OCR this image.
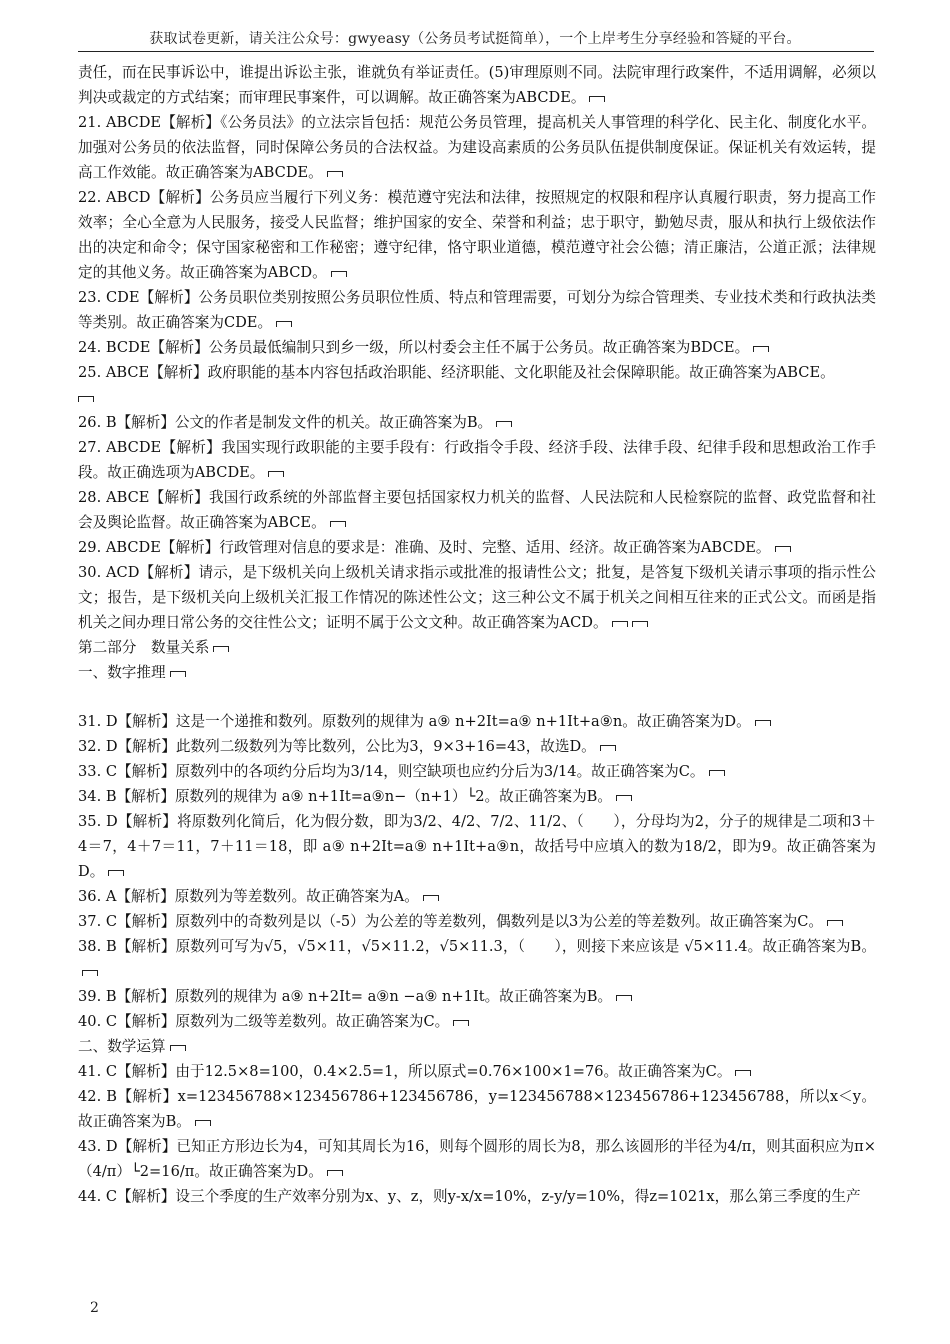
获取试卷更新，请关注公众号：gwyeasy（公务员考试挺简单），一个上岸考生分享经验和答疑的平台。

责任，而在民事诉讼中，谁提出诉讼主张，谁就负有举证责任。(5)审理原则不同。法院审理行政案件，不适用调解，必须以判决或裁定的方式结案；而审理民事案件，可以调解。故正确答案为ABCDE。

21. ABCDE【解析】《公务员法》的立法宗旨包括：规范公务员管理，提高机关人事管理的科学化、民主化、制度化水平。加强对公务员的依法监督，同时保障公务员的合法权益。为建设高素质的公务员队伍提供制度保证。保证机关有效运转，提高工作效能。故正确答案为ABCDE。

22. ABCD【解析】公务员应当履行下列义务：模范遵守宪法和法律，按照规定的权限和程序认真履行职责，努力提高工作效率；全心全意为人民服务，接受人民监督；维护国家的安全、荣誉和利益；忠于职守，勤勉尽责，服从和执行上级依法作出的决定和命令；保守国家秘密和工作秘密；遵守纪律，恪守职业道德，模范遵守社会公德；清正廉洁，公道正派；法律规定的其他义务。故正确答案为ABCD。

23. CDE【解析】公务员职位类别按照公务员职位性质、特点和管理需要，可划分为综合管理类、专业技术类和行政执法类等类别。故正确答案为CDE。

24. BCDE【解析】公务员最低编制只到乡一级，所以村委会主任不属于公务员。故正确答案为BDCE。

25. ABCE【解析】政府职能的基本内容包括政治职能、经济职能、文化职能及社会保障职能。故正确答案为ABCE。

26. B【解析】公文的作者是制发文件的机关。故正确答案为B。

27. ABCDE【解析】我国实现行政职能的主要手段有：行政指令手段、经济手段、法律手段、纪律手段和思想政治工作手段。故正确选项为ABCDE。

28. ABCE【解析】我国行政系统的外部监督主要包括国家权力机关的监督、人民法院和人民检察院的监督、政党监督和社会及舆论监督。故正确答案为ABCE。

29. ABCDE【解析】行政管理对信息的要求是：准确、及时、完整、适用、经济。故正确答案为ABCDE。

30. ACD【解析】请示，是下级机关向上级机关请求指示或批准的报请性公文；批复，是答复下级机关请示事项的指示性公文；报告，是下级机关向上级机关汇报工作情况的陈述性公文；这三种公文不属于机关之间相互往来的正式公文。而函是指机关之间办理日常公务的交往性公文；证明不属于公文文种。故正确答案为ACD。

第二部分　数量关系

一、数字推理

31. D【解析】这是一个递推和数列。原数列的规律为 a⑨ n+2It=a⑨ n+1It+a⑨n。故正确答案为D。

32. D【解析】此数列二级数列为等比数列，公比为3，9×3+16=43，故选D。

33. C【解析】原数列中的各项约分后均为3/14，则空缺项也应约分后为3/14。故正确答案为C。

34. B【解析】原数列的规律为 a⑨ n+1It=a⑨n−（n+1）└2。故正确答案为B。

35. D【解析】将原数列化简后，化为假分数，即为3/2、4/2、7/2、11/2、（　　），分母均为2，分子的规律是二项和3＋4＝7，4＋7＝11，7＋11＝18，即 a⑨ n+2It=a⑨ n+1It+a⑨n，故括号中应填入的数为18/2，即为9。故正确答案为D。

36. A【解析】原数列为等差数列。故正确答案为A。

37. C【解析】原数列中的奇数列是以（-5）为公差的等差数列，偶数列是以3为公差的等差数列。故正确答案为C。

38. B【解析】原数列可写为√5，√5×11，√5×11.2，√5×11.3，（　　），则接下来应该是 √5×11.4。故正确答案为B。

39. B【解析】原数列的规律为 a⑨ n+2It= a⑨n −a⑨ n+1It。故正确答案为B。

40. C【解析】原数列为二级等差数列。故正确答案为C。

二、数学运算

41. C【解析】由于12.5×8=100，0.4×2.5=1，所以原式=0.76×100×1=76。故正确答案为C。

42. B【解析】x=123456788×123456786+123456786，y=123456788×123456786+123456788，所以x＜y。故正确答案为B。

43. D【解析】已知正方形边长为4，可知其周长为16，则每个圆形的周长为8，那么该圆形的半径为4/π，则其面积应为π×（4/π）└2=16/π。故正确答案为D。

44. C【解析】设三个季度的生产效率分别为x、y、z，则y-x/x=10%，z-y/y=10%，得z=1021x，那么第三季度的生产

2
